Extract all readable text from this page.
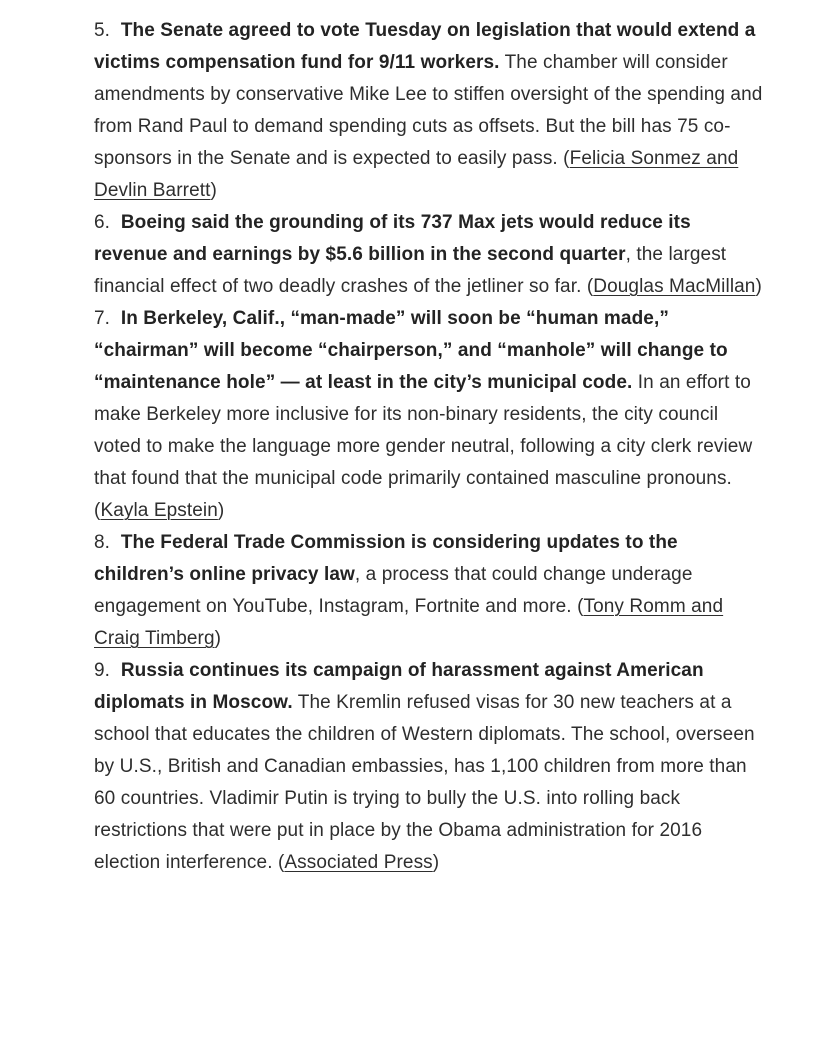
5.  The Senate agreed to vote Tuesday on legislation that would extend a victims compensation fund for 9/11 workers. The chamber will consider amendments by conservative Mike Lee to stiffen oversight of the spending and from Rand Paul to demand spending cuts as offsets. But the bill has 75 co-sponsors in the Senate and is expected to easily pass. (Felicia Sonmez and Devlin Barrett)

6.  Boeing said the grounding of its 737 Max jets would reduce its revenue and earnings by $5.6 billion in the second quarter, the largest financial effect of two deadly crashes of the jetliner so far. (Douglas MacMillan)

7.  In Berkeley, Calif., “man-made” will soon be “human made,” “chairman” will become “chairperson,” and “manhole” will change to “maintenance hole” — at least in the city’s municipal code. In an effort to make Berkeley more inclusive for its non-binary residents, the city council voted to make the language more gender neutral, following a city clerk review that found that the municipal code primarily contained masculine pronouns. (Kayla Epstein)

8.  The Federal Trade Commission is considering updates to the children’s online privacy law, a process that could change underage engagement on YouTube, Instagram, Fortnite and more. (Tony Romm and Craig Timberg)

9.  Russia continues its campaign of harassment against American diplomats in Moscow. The Kremlin refused visas for 30 new teachers at a school that educates the children of Western diplomats. The school, overseen by U.S., British and Canadian embassies, has 1,100 children from more than 60 countries. Vladimir Putin is trying to bully the U.S. into rolling back restrictions that were put in place by the Obama administration for 2016 election interference. (Associated Press)
